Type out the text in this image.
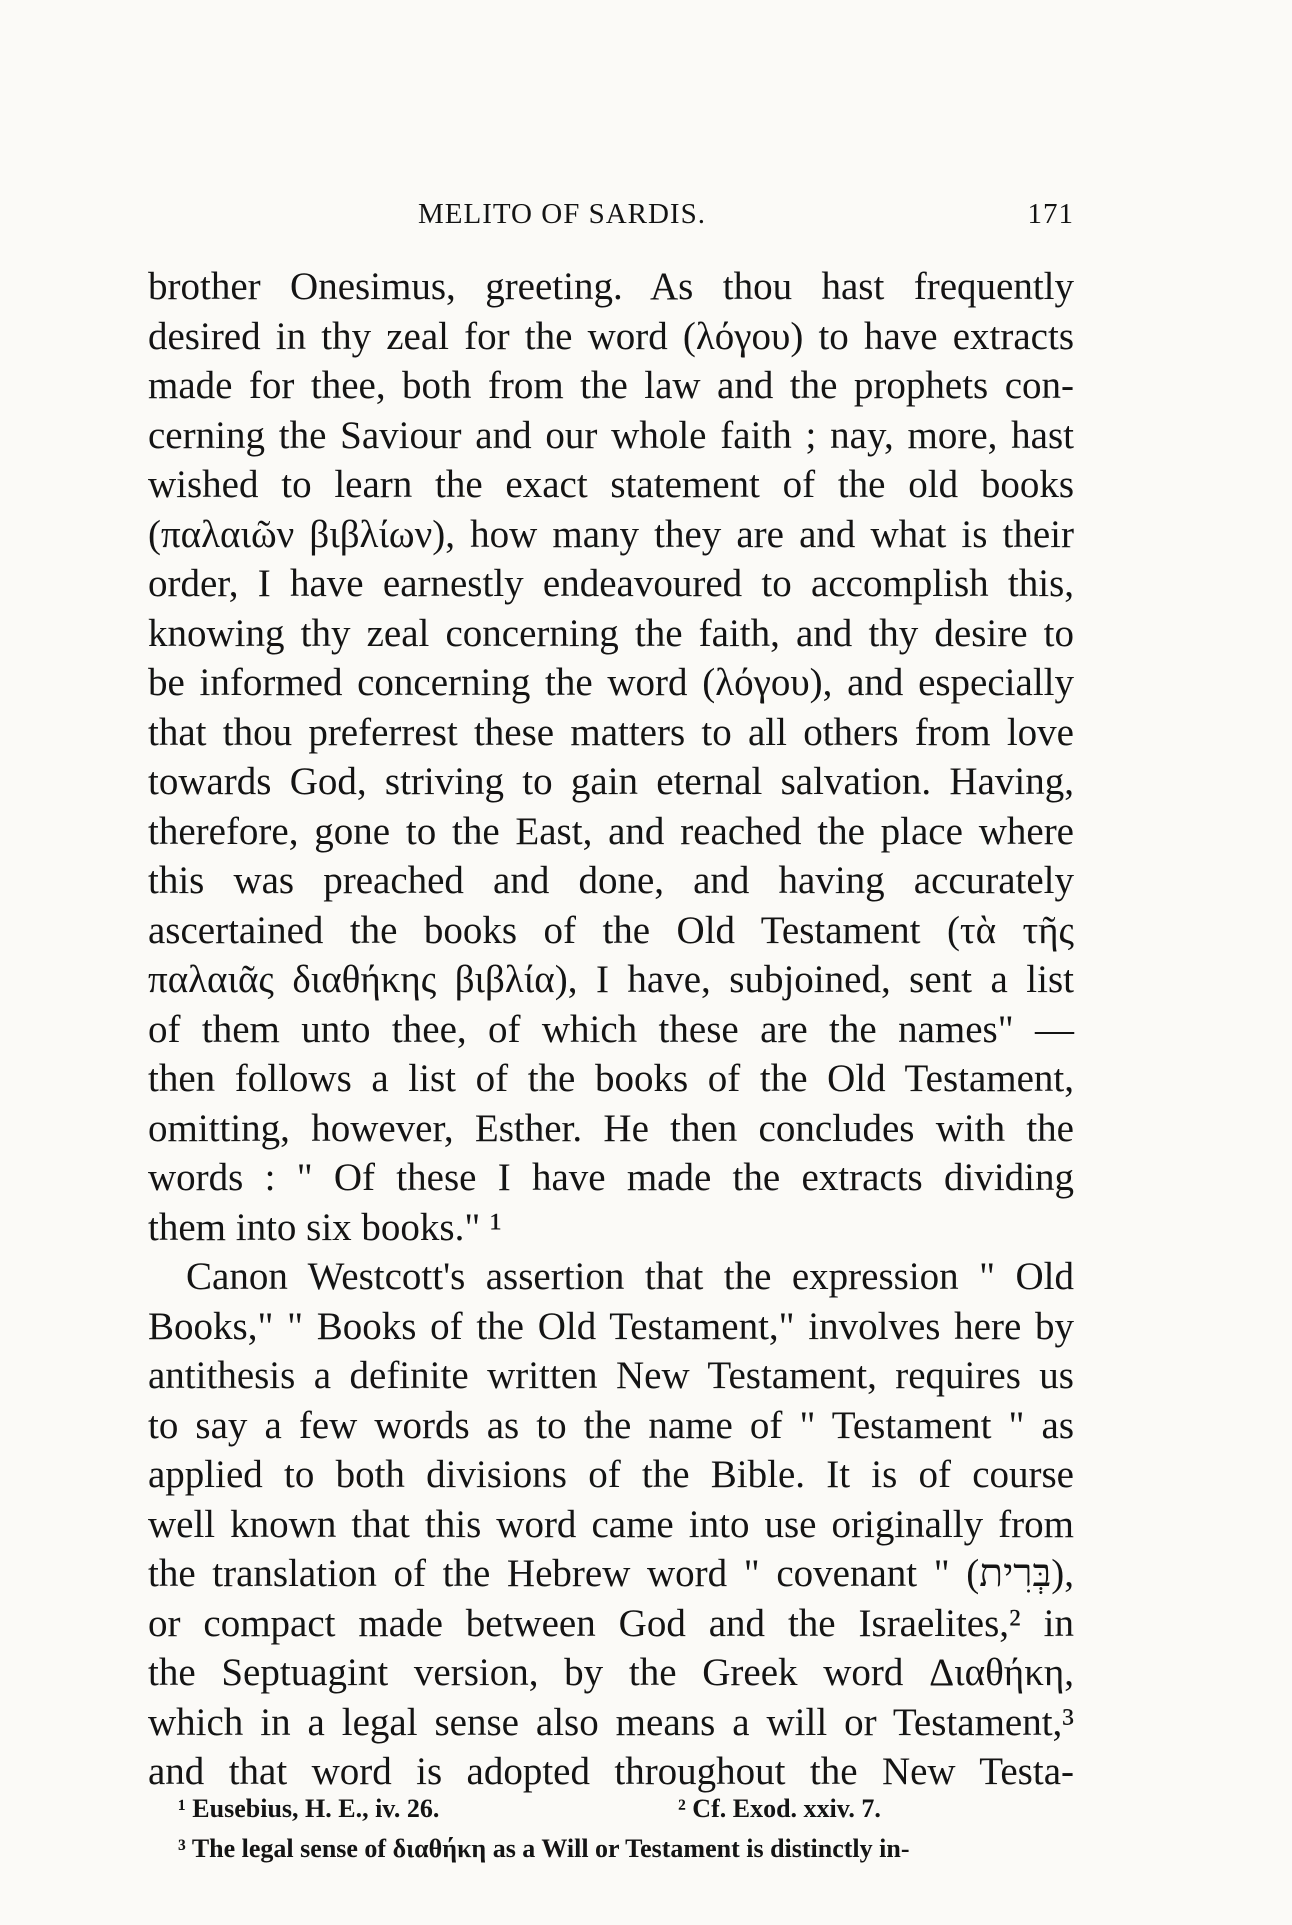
MELITO OF SARDIS.	171
brother Onesimus, greeting. As thou hast frequently
desired in thy zeal for the word (λόγου) to have extracts
made for thee, both from the law and the prophets con-
cerning the Saviour and our whole faith ; nay, more, hast
wished to learn the exact statement of the old books
(παλαιῶν βιβλίων), how many they are and what is their
order, I have earnestly endeavoured to accomplish this,
knowing thy zeal concerning the faith, and thy desire to
be informed concerning the word (λόγου), and especially
that thou preferrest these matters to all others from love
towards God, striving to gain eternal salvation. Having,
therefore, gone to the East, and reached the place where
this was preached and done, and having accurately
ascertained the books of the Old Testament (τὰ τῆς
παλαιᾶς διαθήκης βιβλία), I have, subjoined, sent a list
of them unto thee, of which these are the names" —
then follows a list of the books of the Old Testament,
omitting, however, Esther. He then concludes with the
words : " Of these I have made the extracts dividing
them into six books." ¹
Canon Westcott's assertion that the expression " Old
Books," " Books of the Old Testament," involves here by
antithesis a definite written New Testament, requires us
to say a few words as to the name of " Testament " as
applied to both divisions of the Bible. It is of course
well known that this word came into use originally from
the translation of the Hebrew word " covenant " (בְּרִית),
or compact made between God and the Israelites,² in
the Septuagint version, by the Greek word Διαθήκη,
which in a legal sense also means a will or Testament,³
and that word is adopted throughout the New Testa-
¹ Eusebius, H. E., iv. 26.	² Cf. Exod. xxiv. 7.
³ The legal sense of διαθήκη as a Will or Testament is distinctly in-
